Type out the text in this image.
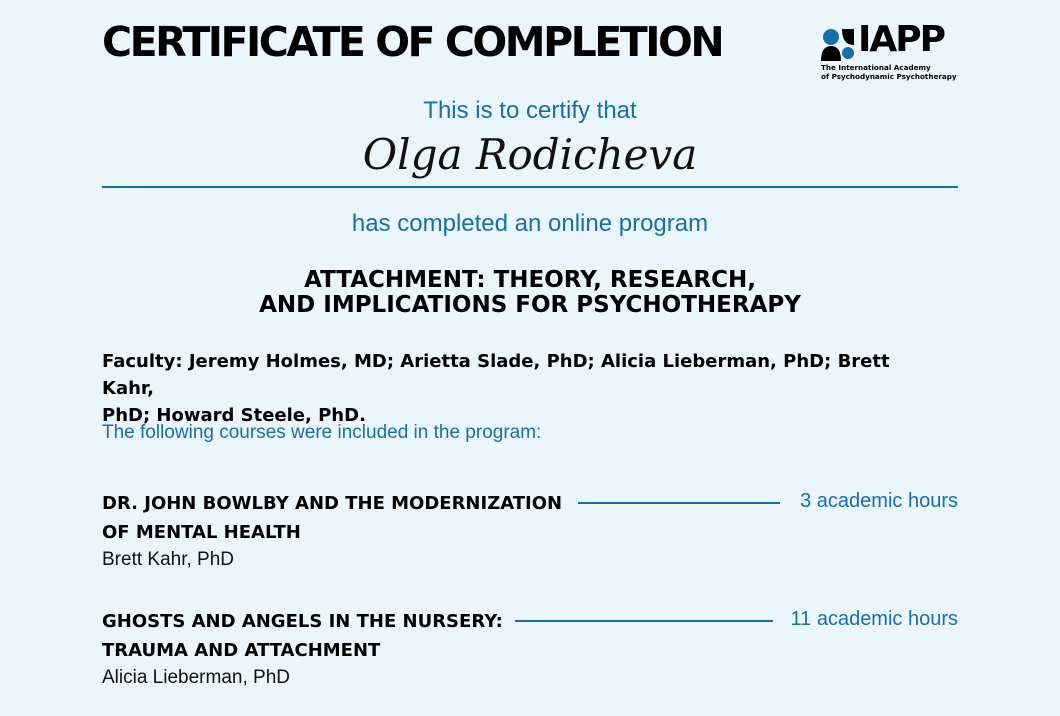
CERTIFICATE OF COMPLETION	IAPP
The International Academy
of Psychodynamic Psychotherapy
This is to certify that
Olga Rodicheva
has completed an online program
ATTACHMENT: THEORY, RESEARCH,
AND IMPLICATIONS FOR PSYCHOTHERAPY
Faculty: Jeremy Holmes, MD; Arietta Slade, PhD; Alicia Lieberman, PhD; Brett Kahr,
PhD; Howard Steele, PhD.
The following courses were included in the program:
DR. JOHN BOWLBY AND THE MODERNIZATION
OF MENTAL HEALTH
Brett Kahr, PhD
3 academic hours
GHOSTS AND ANGELS IN THE NURSERY:
TRAUMA AND ATTACHMENT
Alicia Lieberman, PhD
11 academic hours
